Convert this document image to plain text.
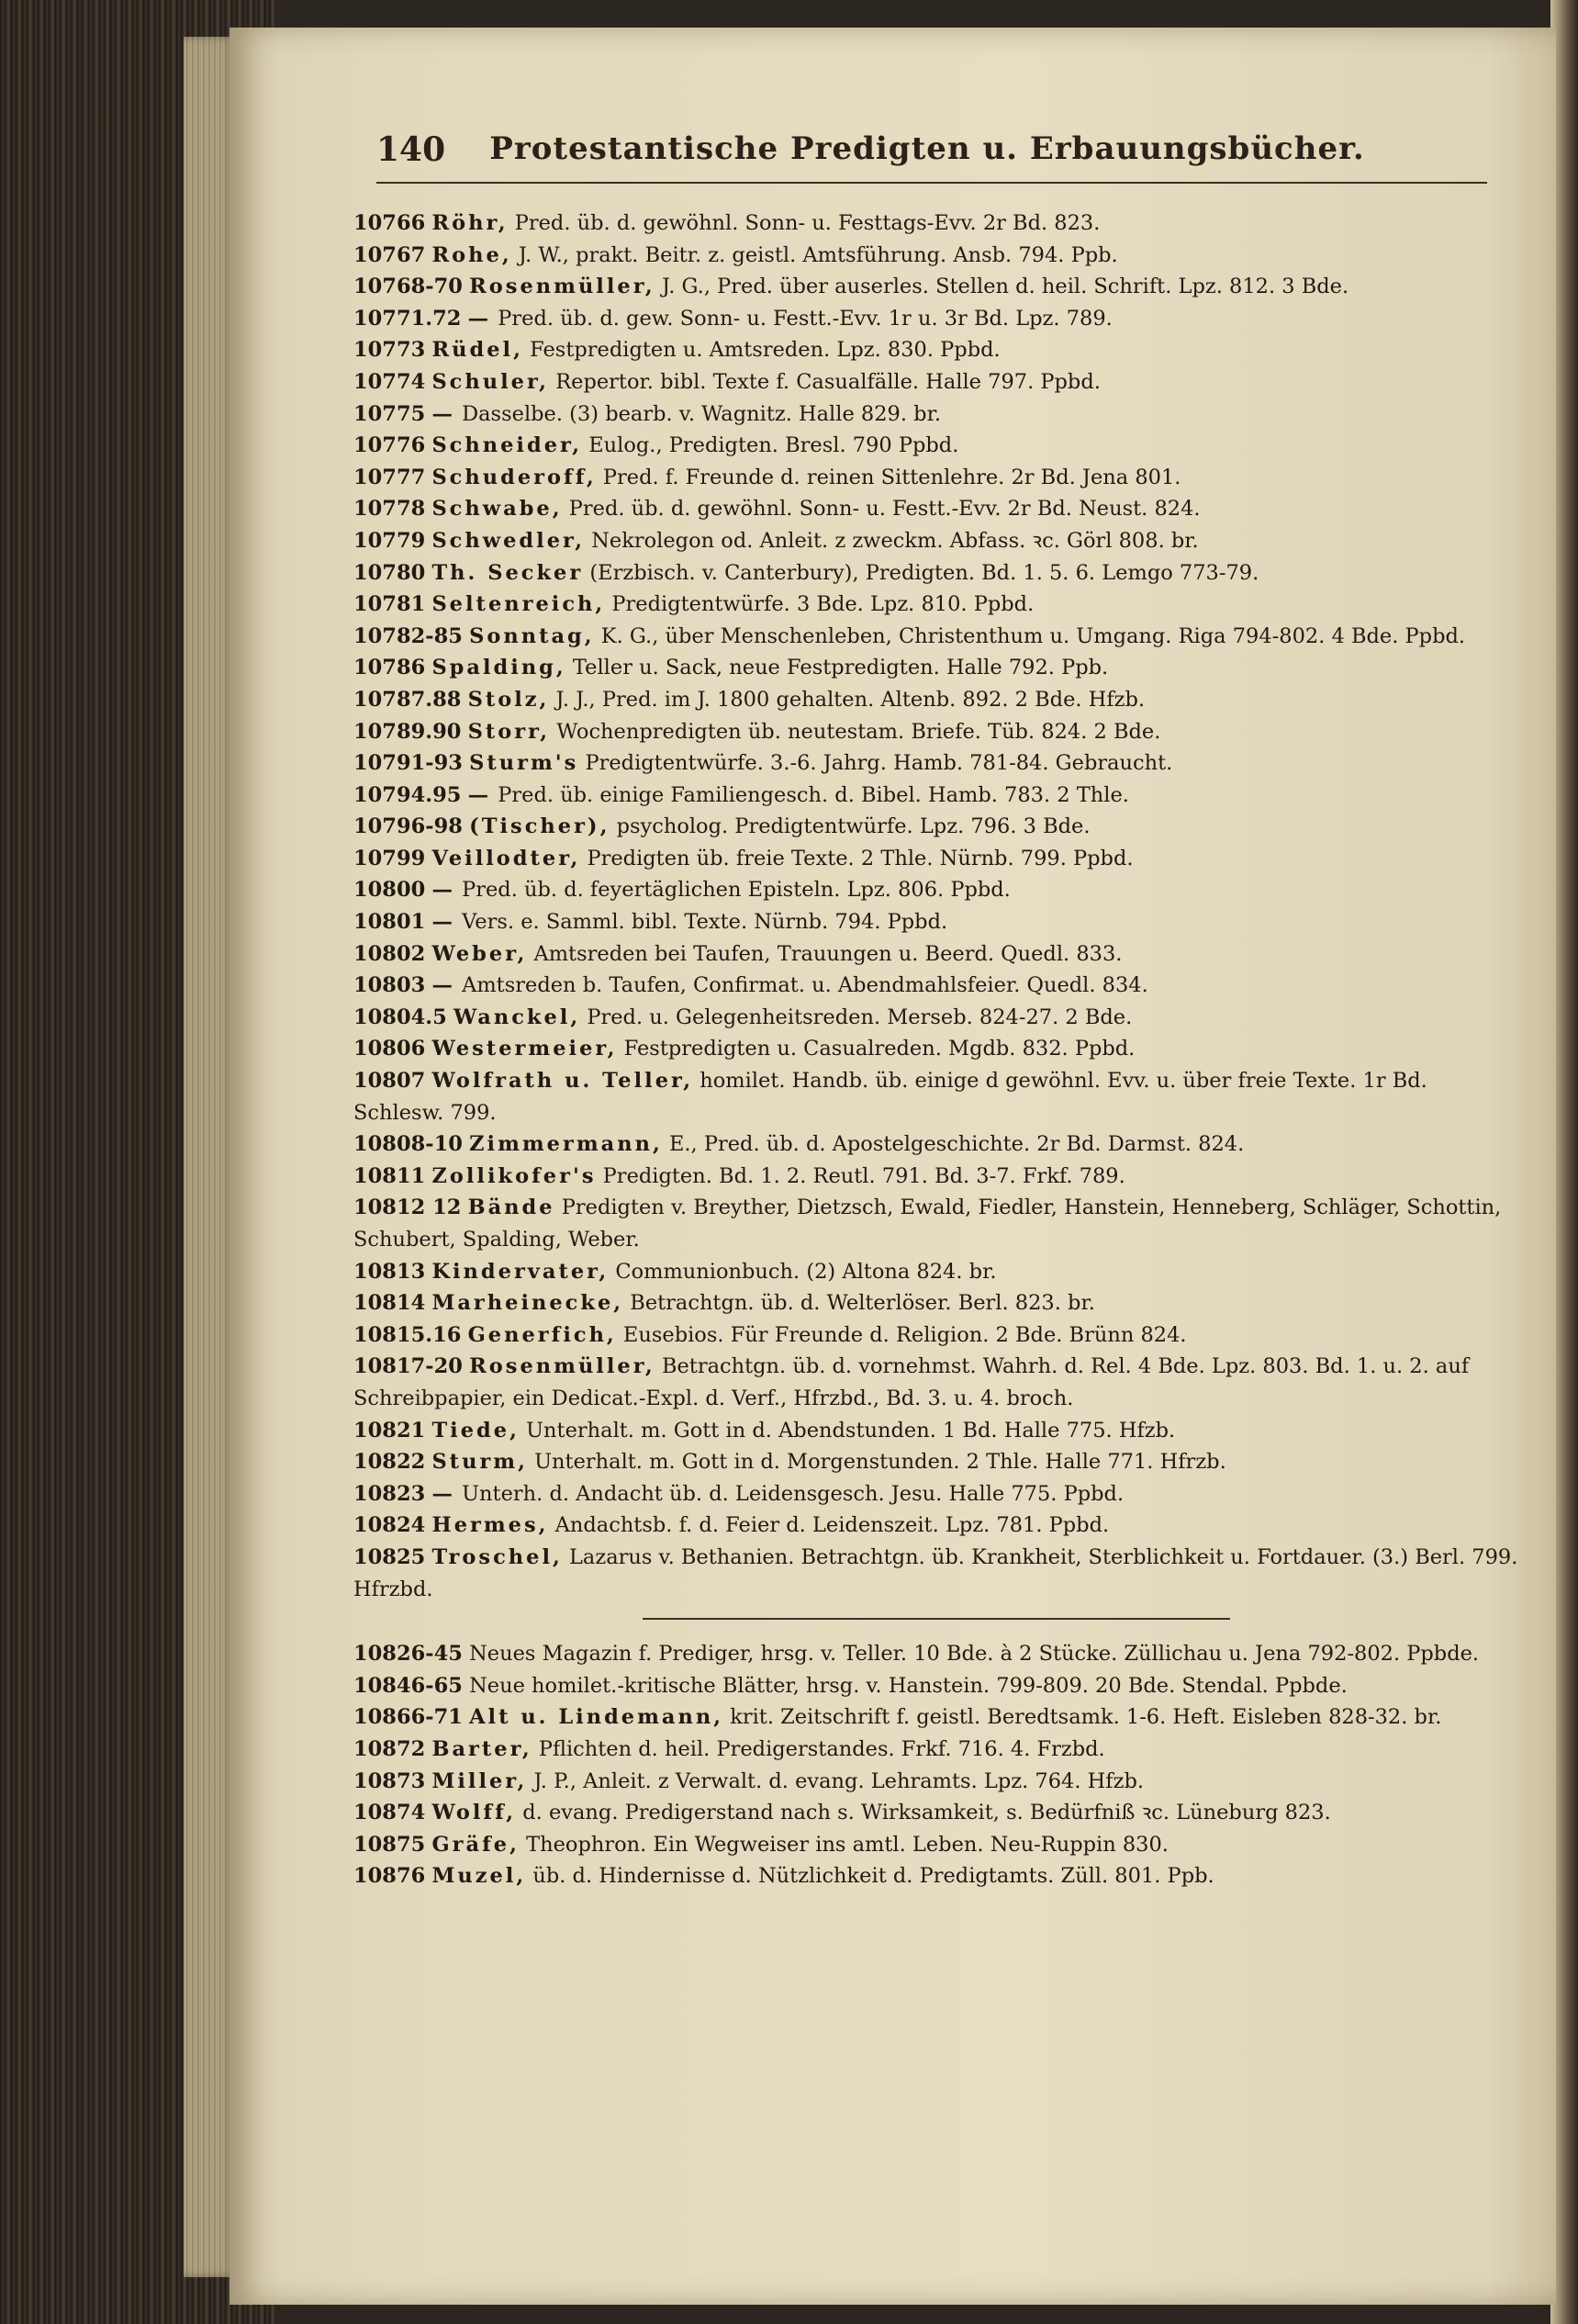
140	Protestantische Predigten u. Erbauungsbücher.
10766 Röhr, Pred. üb. d. gewöhnl. Sonn- u. Festtags-Evv. 2r Bd. 823.
10767 Rohe, J. W., prakt. Beitr. z. geistl. Amtsführung. Ansb. 794. Ppb.
10768-70 Rosenmüller, J. G., Pred. über auserles. Stellen d. heil. Schrift. Lpz. 812. 3 Bde.
10771.72 — Pred. üb. d. gew. Sonn- u. Festt.-Evv. 1r u. 3r Bd. Lpz. 789.
10773 Rüdel, Festpredigten u. Amtsreden. Lpz. 830. Ppbd.
10774 Schuler, Repertor. bibl. Texte f. Casualfälle. Halle 797. Ppbd.
10775 — Dasselbe. (3) bearb. v. Wagnitz. Halle 829. br.
10776 Schneider, Eulog., Predigten. Bresl. 790 Ppbd.
10777 Schuderoff, Pred. f. Freunde d. reinen Sittenlehre. 2r Bd. Jena 801.
10778 Schwabe, Pred. üb. d. gewöhnl. Sonn- u. Festt.-Evv. 2r Bd. Neust. 824.
10779 Schwedler, Nekrolegon od. Anleit. z zweckm. Abfass. ꝛc. Görl 808. br.
10780 Th. Secker (Erzbisch. v. Canterbury), Predigten. Bd. 1. 5. 6. Lemgo 773-79.
10781 Seltenreich, Predigtentwürfe. 3 Bde. Lpz. 810. Ppbd.
10782-85 Sonntag, K. G., über Menschenleben, Christenthum u. Umgang. Riga 794-802. 4 Bde. Ppbd.
10786 Spalding, Teller u. Sack, neue Festpredigten. Halle 792. Ppb.
10787.88 Stolz, J. J., Pred. im J. 1800 gehalten. Altenb. 892. 2 Bde. Hfzb.
10789.90 Storr, Wochenpredigten üb. neutestam. Briefe. Tüb. 824. 2 Bde.
10791-93 Sturm's Predigtentwürfe. 3.-6. Jahrg. Hamb. 781-84. Gebraucht.
10794.95 — Pred. üb. einige Familiengesch. d. Bibel. Hamb. 783. 2 Thle.
10796-98 (Tischer), psycholog. Predigtentwürfe. Lpz. 796. 3 Bde.
10799 Veillodter, Predigten üb. freie Texte. 2 Thle. Nürnb. 799. Ppbd.
10800 — Pred. üb. d. feyertäglichen Episteln. Lpz. 806. Ppbd.
10801 — Vers. e. Samml. bibl. Texte. Nürnb. 794. Ppbd.
10802 Weber, Amtsreden bei Taufen, Trauungen u. Beerd. Quedl. 833.
10803 — Amtsreden b. Taufen, Confirmat. u. Abendmahlsfeier. Quedl. 834.
10804.5 Wanckel, Pred. u. Gelegenheitsreden. Merseb. 824-27. 2 Bde.
10806 Westermeier, Festpredigten u. Casualreden. Mgdb. 832. Ppbd.
10807 Wolfrath u. Teller, homilet. Handb. üb. einige d gewöhnl. Evv. u. über freie Texte. 1r Bd. Schlesw. 799.
10808-10 Zimmermann, E., Pred. üb. d. Apostelgeschichte. 2r Bd. Darmst. 824.
10811 Zollikofer's Predigten. Bd. 1. 2. Reutl. 791. Bd. 3-7. Frkf. 789.
10812 12 Bände Predigten v. Breyther, Dietzsch, Ewald, Fiedler, Hanstein, Henneberg, Schläger, Schottin, Schubert, Spalding, Weber.
10813 Kindervater, Communionbuch. (2) Altona 824. br.
10814 Marheinecke, Betrachtgn. üb. d. Welterlöser. Berl. 823. br.
10815.16 Generfich, Eusebios. Für Freunde d. Religion. 2 Bde. Brünn 824.
10817-20 Rosenmüller, Betrachtgn. üb. d. vornehmst. Wahrh. d. Rel. 4 Bde. Lpz. 803. Bd. 1. u. 2. auf Schreibpapier, ein Dedicat.-Expl. d. Verf., Hfrzbd., Bd. 3. u. 4. broch.
10821 Tiede, Unterhalt. m. Gott in d. Abendstunden. 1 Bd. Halle 775. Hfzb.
10822 Sturm, Unterhalt. m. Gott in d. Morgenstunden. 2 Thle. Halle 771. Hfrzb.
10823 — Unterh. d. Andacht üb. d. Leidensgesch. Jesu. Halle 775. Ppbd.
10824 Hermes, Andachtsb. f. d. Feier d. Leidenszeit. Lpz. 781. Ppbd.
10825 Troschel, Lazarus v. Bethanien. Betrachtgn. üb. Krankheit, Sterblichkeit u. Fortdauer. (3.) Berl. 799. Hfrzbd.
10826-45 Neues Magazin f. Prediger, hrsg. v. Teller. 10 Bde. à 2 Stücke. Züllichau u. Jena 792-802. Ppbde.
10846-65 Neue homilet.-kritische Blätter, hrsg. v. Hanstein. 799-809. 20 Bde. Stendal. Ppbde.
10866-71 Alt u. Lindemann, krit. Zeitschrift f. geistl. Beredtsamk. 1-6. Heft. Eisleben 828-32. br.
10872 Barter, Pflichten d. heil. Predigerstandes. Frkf. 716. 4. Frzbd.
10873 Miller, J. P., Anleit. z Verwalt. d. evang. Lehramts. Lpz. 764. Hfzb.
10874 Wolff, d. evang. Predigerstand nach s. Wirksamkeit, s. Bedürfniß ꝛc. Lüneburg 823.
10875 Gräfe, Theophron. Ein Wegweiser ins amtl. Leben. Neu-Ruppin 830.
10876 Muzel, üb. d. Hindernisse d. Nützlichkeit d. Predigtamts. Züll. 801. Ppb.
